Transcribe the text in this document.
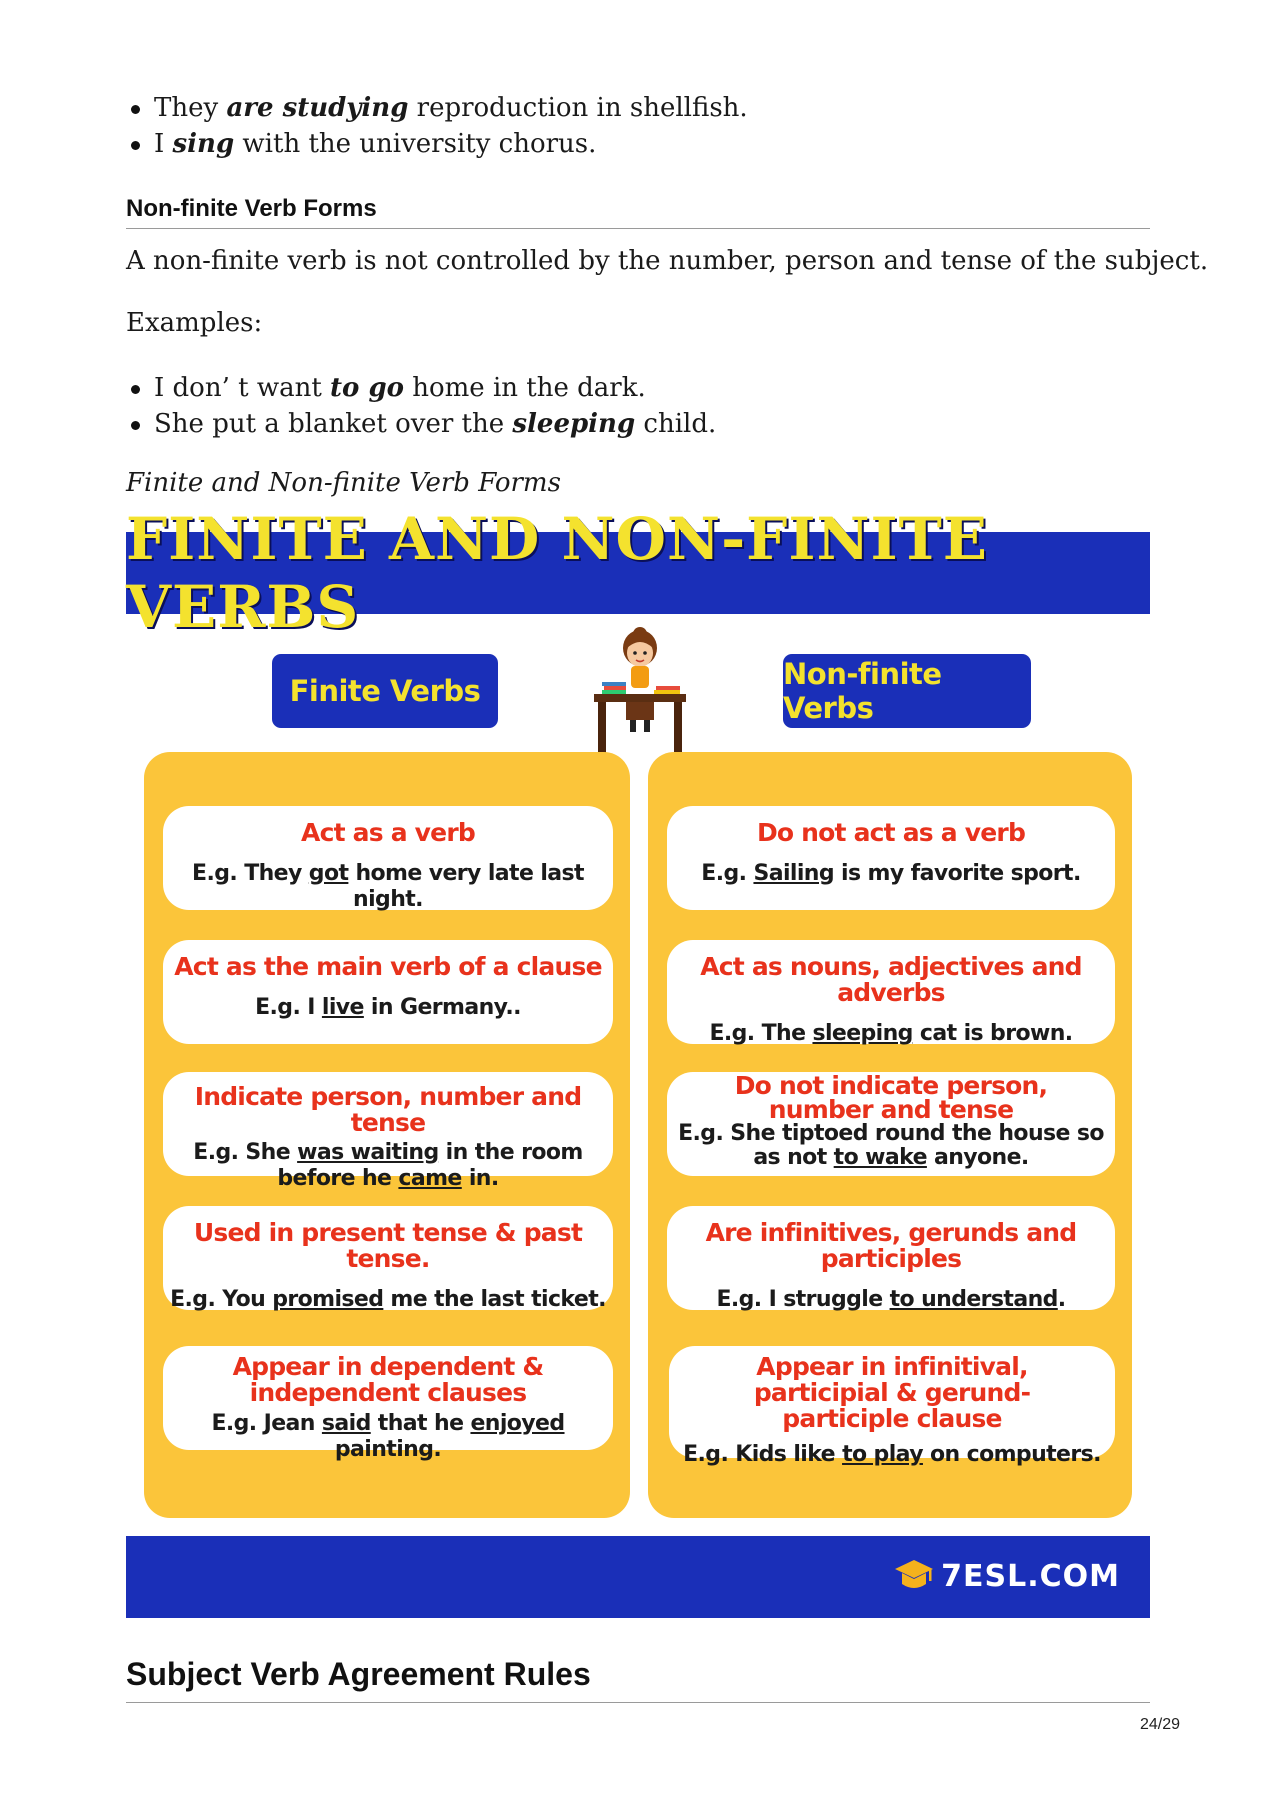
They are studying reproduction in shellfish.
I sing with the university chorus.
Non-finite Verb Forms
A non-finite verb is not controlled by the number, person and tense of the subject.
Examples:
I don’ t want to go home in the dark.
She put a blanket over the sleeping child.
Finite and Non-finite Verb Forms
FINITE AND NON-FINITE VERBS
Finite Verbs	Non-finite Verbs
Act as a verb
E.g. They got home very late last night.
Act as the main verb of a clause
E.g. I live in Germany..
Indicate person, number and tense
E.g. She was waiting in the room before he came in.
Used in present tense & past tense.
E.g. You promised me the last ticket.
Appear in dependent & independent clauses
E.g. Jean said that he enjoyed painting.
Do not act as a verb
E.g. Sailing is my favorite sport.
Act as nouns, adjectives and adverbs
E.g. The sleeping cat is brown.
Do not indicate person, number and tense
E.g. She tiptoed round the house so as not to wake anyone.
Are infinitives, gerunds and participles
E.g. I struggle to understand.
Appear in infinitival, participial & gerund-participle clause
E.g. Kids like to play on computers.
7ESL.COM
Subject Verb Agreement Rules
24/29
